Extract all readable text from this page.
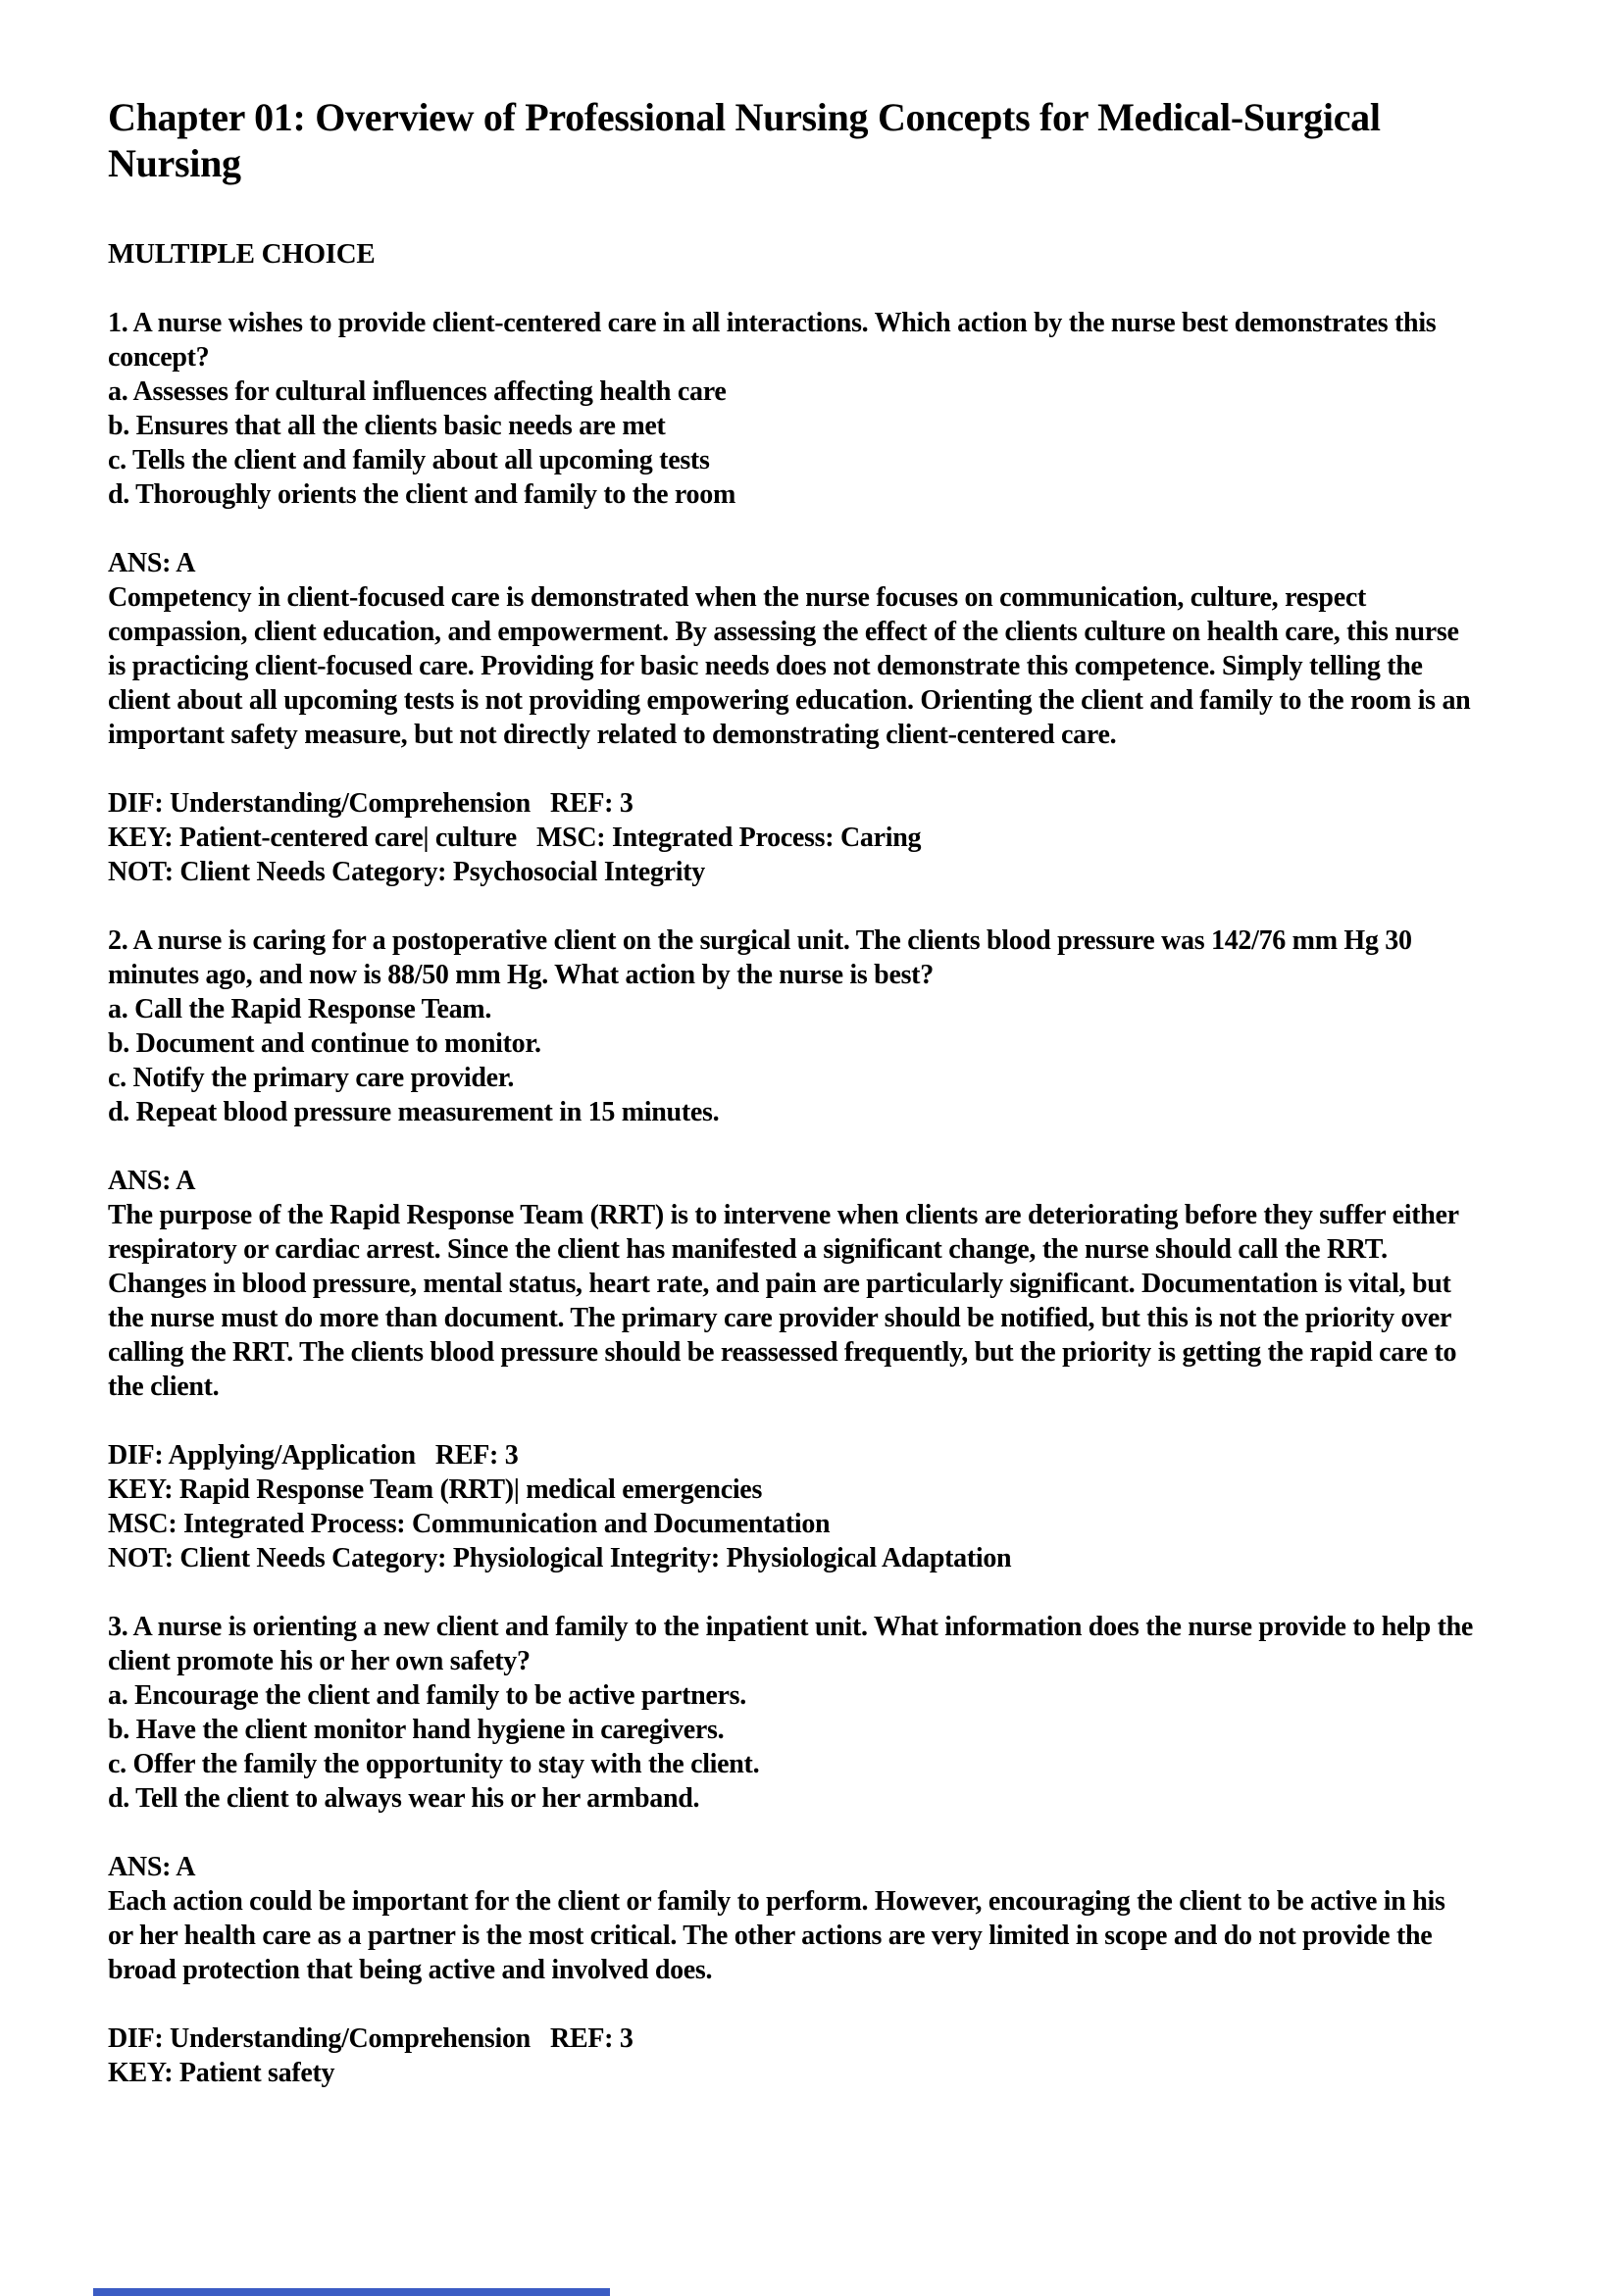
Chapter 01: Overview of Professional Nursing Concepts for Medical-Surgical Nursing
MULTIPLE CHOICE

1. A nurse wishes to provide client-centered care in all interactions. Which action by the nurse best demonstrates this concept?

a. Assesses for cultural influences affecting health care

b. Ensures that all the clients basic needs are met

c. Tells the client and family about all upcoming tests

d. Thoroughly orients the client and family to the room

ANS: A

Competency in client-focused care is demonstrated when the nurse focuses on communication, culture, respect compassion, client education, and empowerment. By assessing the effect of the clients culture on health care, this nurse is practicing client-focused care. Providing for basic needs does not demonstrate this competence. Simply telling the client about all upcoming tests is not providing empowering education. Orienting the client and family to the room is an important safety measure, but not directly related to demonstrating client-centered care.

DIF: Understanding/Comprehension   REF: 3

KEY: Patient-centered care| culture   MSC: Integrated Process: Caring

NOT: Client Needs Category: Psychosocial Integrity

2. A nurse is caring for a postoperative client on the surgical unit. The clients blood pressure was 142/76 mm Hg 30 minutes ago, and now is 88/50 mm Hg. What action by the nurse is best?

a. Call the Rapid Response Team.

b. Document and continue to monitor.

c. Notify the primary care provider.

d. Repeat blood pressure measurement in 15 minutes.

ANS: A

The purpose of the Rapid Response Team (RRT) is to intervene when clients are deteriorating before they suffer either respiratory or cardiac arrest. Since the client has manifested a significant change, the nurse should call the RRT. Changes in blood pressure, mental status, heart rate, and pain are particularly significant. Documentation is vital, but the nurse must do more than document. The primary care provider should be notified, but this is not the priority over calling the RRT. The clients blood pressure should be reassessed frequently, but the priority is getting the rapid care to the client.

DIF: Applying/Application   REF: 3

KEY: Rapid Response Team (RRT)| medical emergencies

MSC: Integrated Process: Communication and Documentation

NOT: Client Needs Category: Physiological Integrity: Physiological Adaptation

3. A nurse is orienting a new client and family to the inpatient unit. What information does the nurse provide to help the client promote his or her own safety?

a. Encourage the client and family to be active partners.

b. Have the client monitor hand hygiene in caregivers.

c. Offer the family the opportunity to stay with the client.

d. Tell the client to always wear his or her armband.

ANS: A

Each action could be important for the client or family to perform. However, encouraging the client to be active in his or her health care as a partner is the most critical. The other actions are very limited in scope and do not provide the broad protection that being active and involved does.

DIF: Understanding/Comprehension   REF: 3

KEY: Patient safety
